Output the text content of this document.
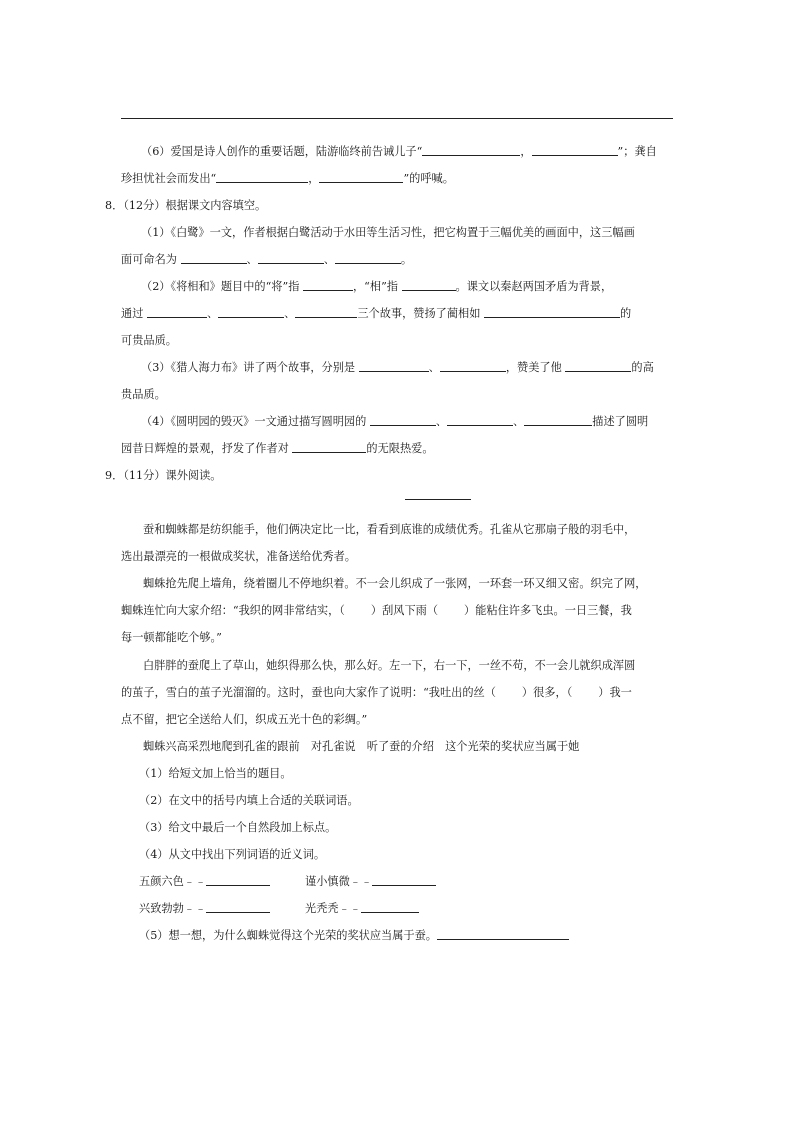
（6）爱国是诗人创作的重要话题，陆游临终前告诫儿子“	，	”；龚自
珍担忧社会而发出“	，	”的呼喊。
8．（12分）根据课文内容填空。
（1）《白鹭》一文，作者根据白鹭活动于水田等生活习性，把它构置于三幅优美的画面中，这三幅画
面可命名为	、	、	。
（2）《将相和》题目中的“将”指	，“相”指	。课文以秦赵两国矛盾为背景，
通过	、	、	三个故事，赞扬了蔺相如	的
可贵品质。
（3）《猎人海力布》讲了两个故事，分别是	、	，赞美了他	的高
贵品质。
（4）《圆明园的毁灭》一文通过描写圆明园的	、	、	描述了圆明
园昔日辉煌的景观，抒发了作者对	的无限热爱。
9．（11分）课外阅读。
蚕和蜘蛛都是纺织能手，他们俩决定比一比，看看到底谁的成绩优秀。孔雀从它那扇子般的羽毛中，
选出最漂亮的一根做成奖状，准备送给优秀者。
蜘蛛抢先爬上墙角，绕着圈儿不停地织着。不一会儿织成了一张网，一环套一环又细又密。织完了网，
蜘蛛连忙向大家介绍：“我织的网非常结实，（ ）刮风下雨（ ）能粘住许多飞虫。一日三餐，我
每一顿都能吃个够。”
白胖胖的蚕爬上了草山，她织得那么快，那么好。左一下，右一下，一丝不苟，不一会儿就织成浑圆
的茧子，雪白的茧子光溜溜的。这时，蚕也向大家作了说明：“我吐出的丝（ ）很多，（ ）我一
点不留，把它全送给人们，织成五光十色的彩绸。”
蜘蛛兴高采烈地爬到孔雀的跟前　对孔雀说　听了蚕的介绍　这个光荣的奖状应当属于她
（1）给短文加上恰当的题目。
（2）在文中的括号内填上合适的关联词语。
（3）给文中最后一个自然段加上标点。
（4）从文中找出下列词语的近义词。
五颜六色﹣﹣	谨小慎微﹣﹣
兴致勃勃﹣﹣	光秃秃﹣﹣
（5）想一想，为什么蜘蛛觉得这个光荣的奖状应当属于蚕。
